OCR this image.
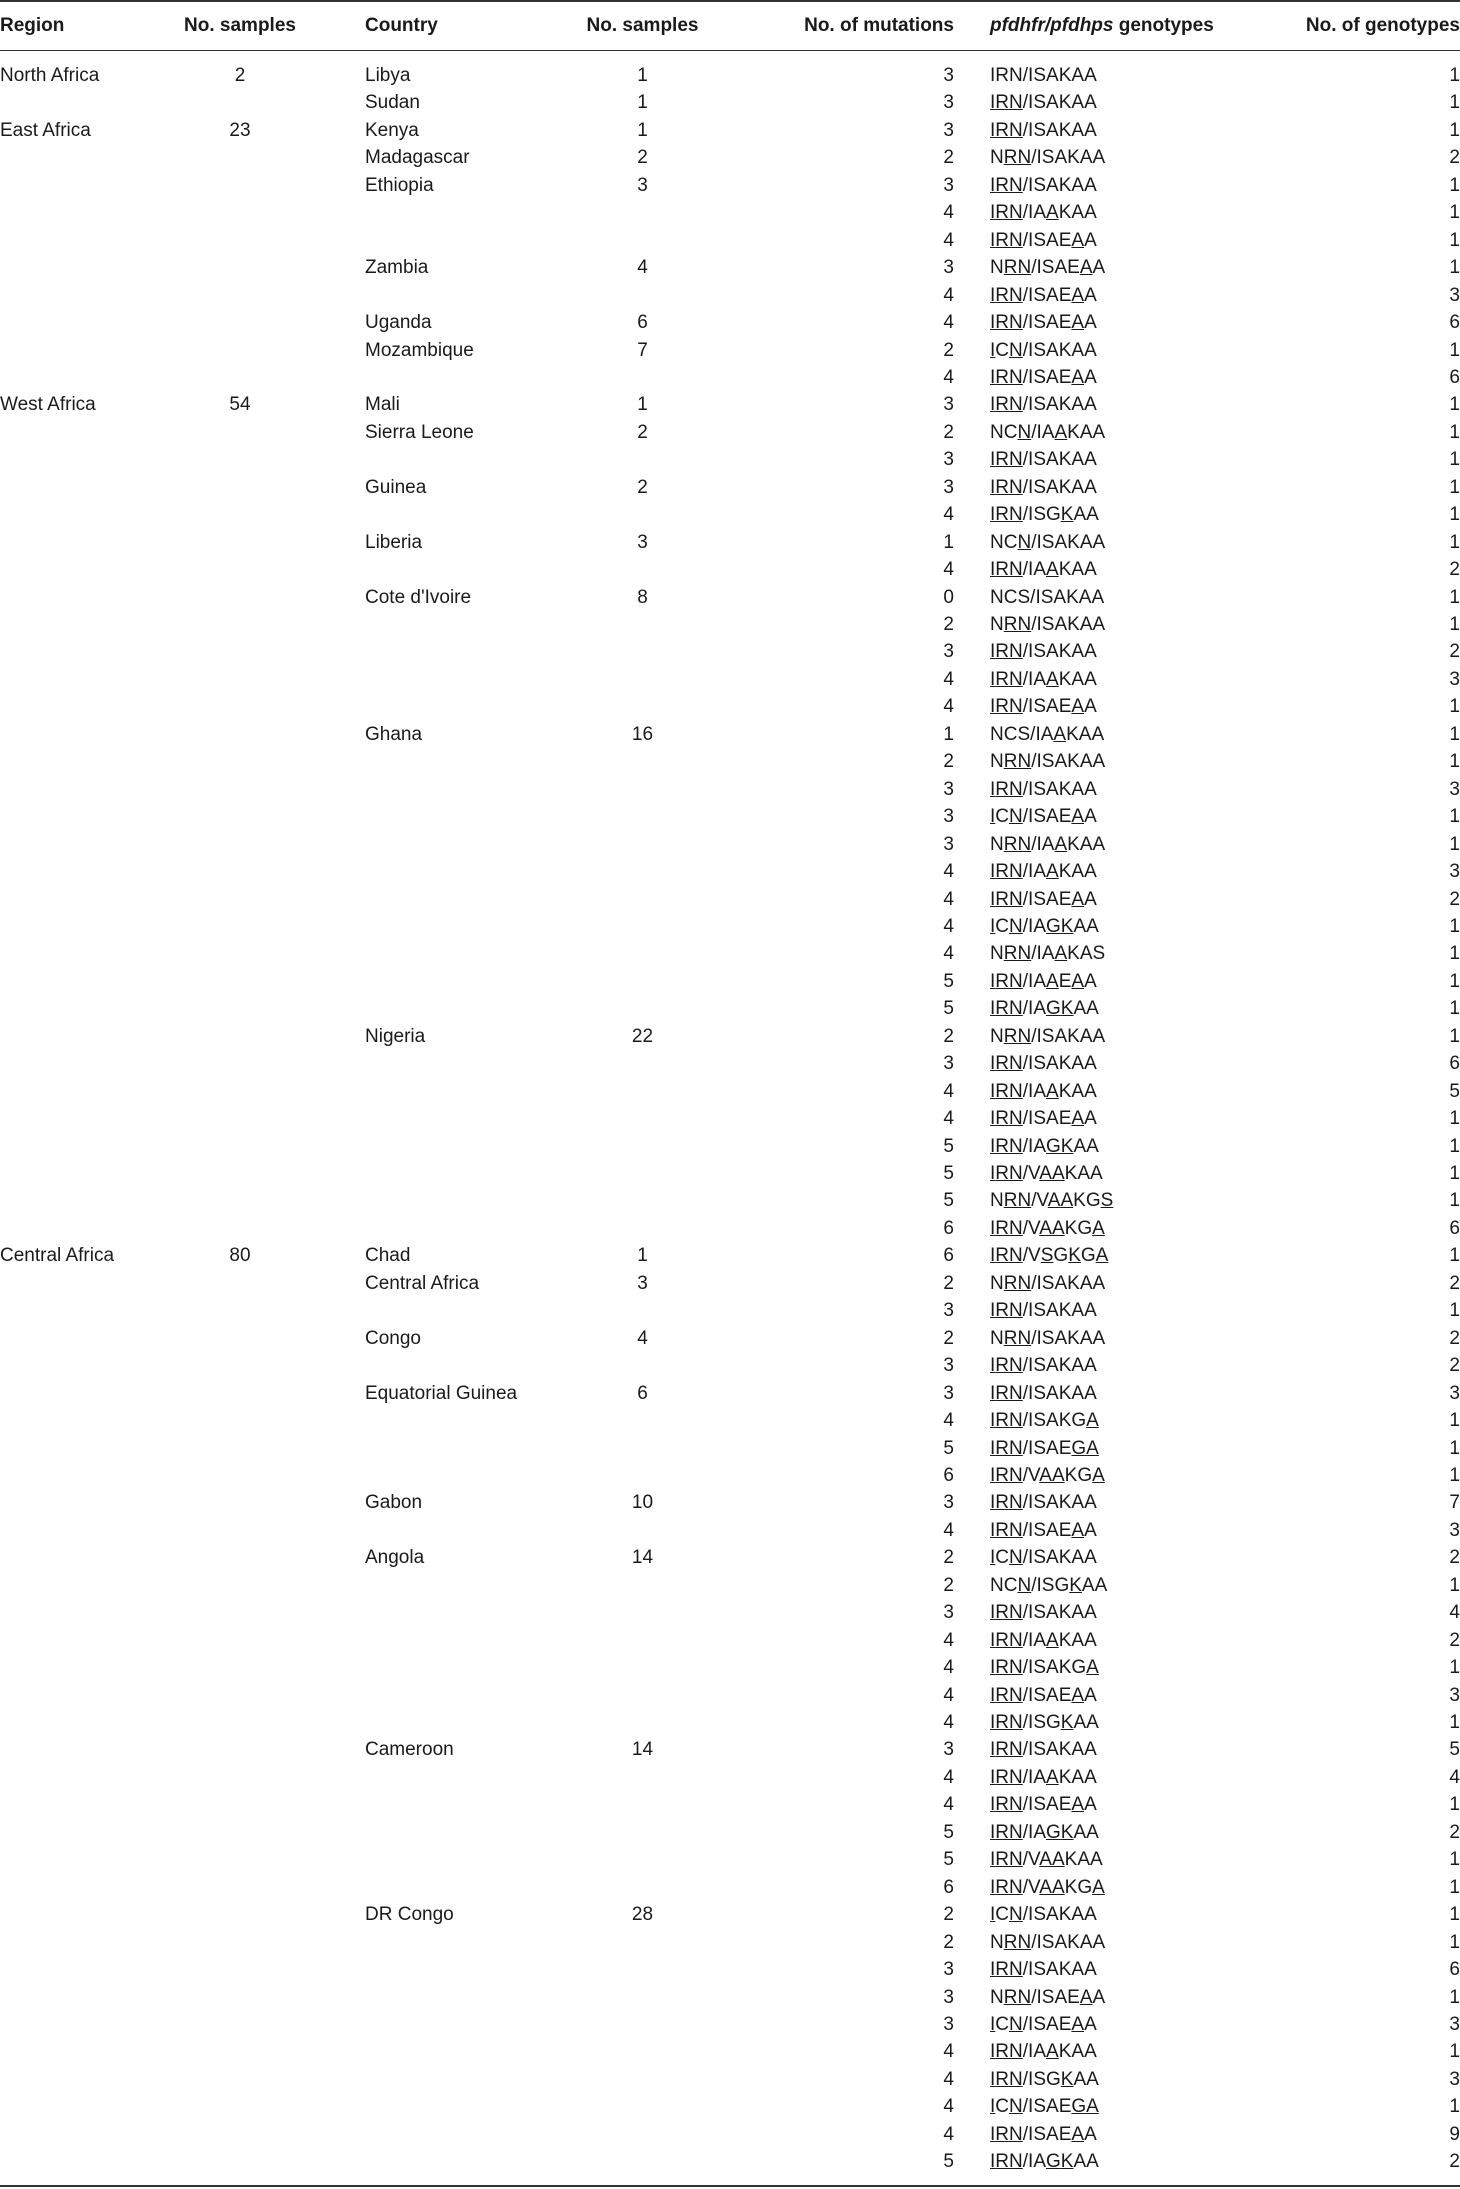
Region	No. samples	Country	No. samples	No. of mutations pfdhfr/pfdhps genotypes	No. of genotypes
North Africa	2	Libya	1	3 IRN/ISAKAA	1
Sudan	1	3 IRN/ISAKAA	1
East Africa	23	Kenya	1	3 IRN/ISAKAA	1
Madagascar	2	2 NRN/ISAKAA	2
Ethiopia	3	3 IRN/ISAKAA	1
4 IRN/IAAKAA	1
4 IRN/ISAEAA	1
Zambia	4	3 NRN/ISAEAA	1
4 IRN/ISAEAA	3
Uganda	6	4 IRN/ISAEAA	6
Mozambique	7	2 ICN/ISAKAA	1
4 IRN/ISAEAA	6
West Africa	54	Mali	1	3 IRN/ISAKAA	1
Sierra Leone	2	2 NCN/IAAKAA	1
3 IRN/ISAKAA	1
Guinea	2	3 IRN/ISAKAA	1
4 IRN/ISGKAA	1
Liberia	3	1 NCN/ISAKAA	1
4 IRN/IAAKAA	2
Cote d'Ivoire	8	0 NCS/ISAKAA	1
2 NRN/ISAKAA	1
3 IRN/ISAKAA	2
4 IRN/IAAKAA	3
4 IRN/ISAEAA	1
Ghana	16	1 NCS/IAAKAA	1
2 NRN/ISAKAA	1
3 IRN/ISAKAA	3
3 ICN/ISAEAA	1
3 NRN/IAAKAA	1
4 IRN/IAAKAA	3
4 IRN/ISAEAA	2
4 ICN/IAGKAA	1
4 NRN/IAAKAS	1
5 IRN/IAAEAA	1
5 IRN/IAGKAA	1
Nigeria	22	2 NRN/ISAKAA	1
3 IRN/ISAKAA	6
4 IRN/IAAKAA	5
4 IRN/ISAEAA	1
5 IRN/IAGKAA	1
5 IRN/VAAKAA	1
5 NRN/VAAKGS	1
6 IRN/VAAKGA	6
Central Africa	80	Chad	1	6 IRN/VSGKGA	1
Central Africa	3	2 NRN/ISAKAA	2
3 IRN/ISAKAA	1
Congo	4	2 NRN/ISAKAA	2
3 IRN/ISAKAA	2
Equatorial Guinea	6	3 IRN/ISAKAA	3
4 IRN/ISAKGA	1
5 IRN/ISAEGA	1
6 IRN/VAAKGA	1
Gabon	10	3 IRN/ISAKAA	7
4 IRN/ISAEAA	3
Angola	14	2 ICN/ISAKAA	2
2 NCN/ISGKAA	1
3 IRN/ISAKAA	4
4 IRN/IAAKAA	2
4 IRN/ISAKGA	1
4 IRN/ISAEAA	3
4 IRN/ISGKAA	1
Cameroon	14	3 IRN/ISAKAA	5
4 IRN/IAAKAA	4
4 IRN/ISAEAA	1
5 IRN/IAGKAA	2
5 IRN/VAAKAA	1
6 IRN/VAAKGA	1
DR Congo	28	2 ICN/ISAKAA	1
2 NRN/ISAKAA	1
3 IRN/ISAKAA	6
3 NRN/ISAEAA	1
3 ICN/ISAEAA	3
4 IRN/IAAKAA	1
4 IRN/ISGKAA	3
4 ICN/ISAEGA	1
4 IRN/ISAEAA	9
5 IRN/IAGKAA	2
